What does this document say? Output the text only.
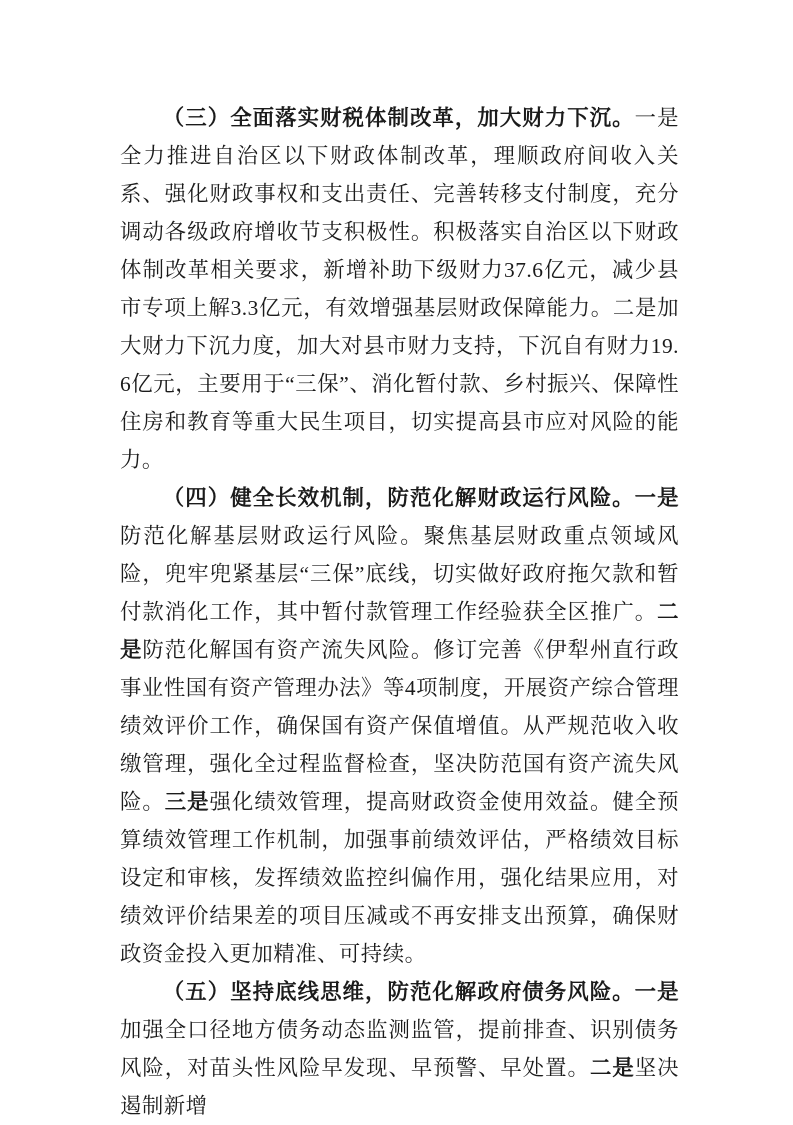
（三）全面落实财税体制改革，加大财力下沉。一是全力推进自治区以下财政体制改革，理顺政府间收入关系、强化财政事权和支出责任、完善转移支付制度，充分调动各级政府增收节支积极性。积极落实自治区以下财政体制改革相关要求，新增补助下级财力37.6亿元，减少县市专项上解3.3亿元，有效增强基层财政保障能力。二是加大财力下沉力度，加大对县市财力支持，下沉自有财力19.6亿元，主要用于“三保”、消化暂付款、乡村振兴、保障性住房和教育等重大民生项目，切实提高县市应对风险的能力。

（四）健全长效机制，防范化解财政运行风险。一是防范化解基层财政运行风险。聚焦基层财政重点领域风险，兜牢兜紧基层“三保”底线，切实做好政府拖欠款和暂付款消化工作，其中暂付款管理工作经验获全区推广。二是防范化解国有资产流失风险。修订完善《伊犁州直行政事业性国有资产管理办法》等4项制度，开展资产综合管理绩效评价工作，确保国有资产保值增值。从严规范收入收缴管理，强化全过程监督检查，坚决防范国有资产流失风险。三是强化绩效管理，提高财政资金使用效益。健全预算绩效管理工作机制，加强事前绩效评估，严格绩效目标设定和审核，发挥绩效监控纠偏作用，强化结果应用，对绩效评价结果差的项目压减或不再安排支出预算，确保财政资金投入更加精准、可持续。

（五）坚持底线思维，防范化解政府债务风险。一是加强全口径地方债务动态监测监管，提前排查、识别债务风险，对苗头性风险早发现、早预警、早处置。二是坚决遏制新增
